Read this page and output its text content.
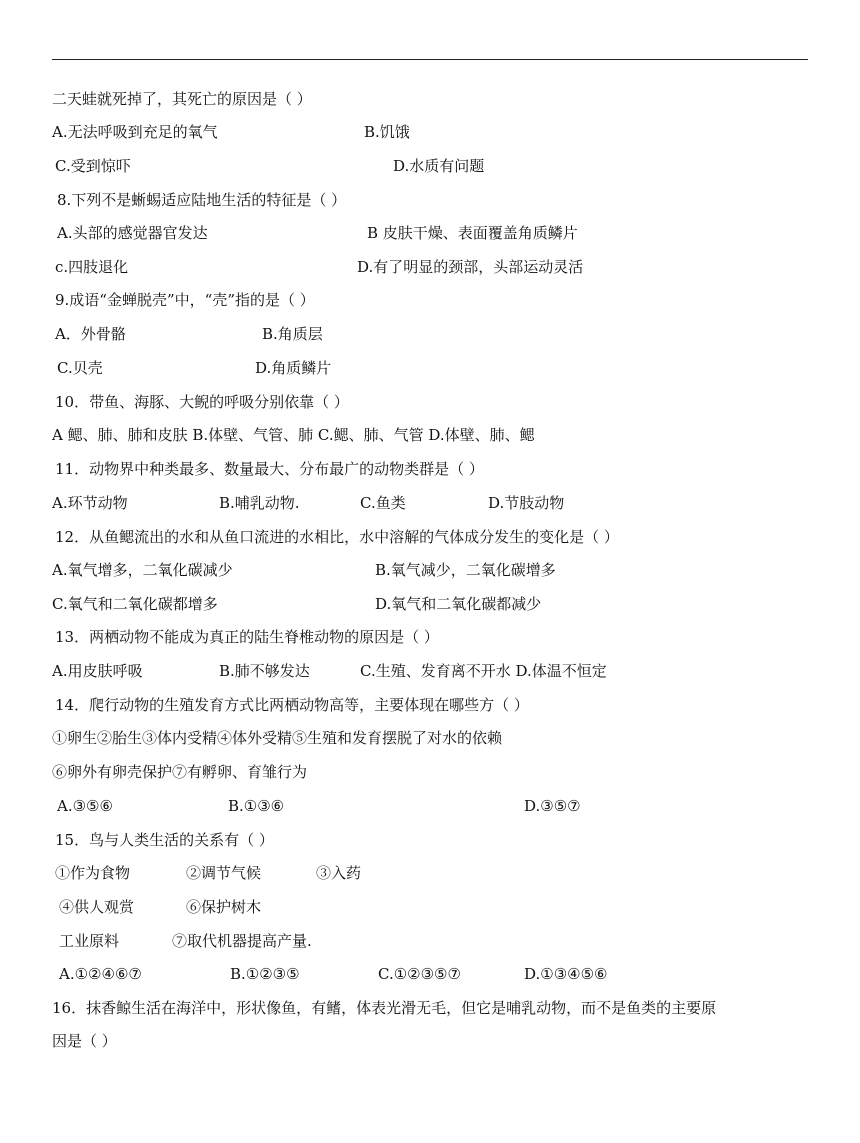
二天蛙就死掉了，其死亡的原因是（ ）
A.无法呼吸到充足的氧气	B.饥饿
C.受到惊吓	D.水质有问题
8.下列不是蜥蜴适应陆地生活的特征是（ ）
A.头部的感觉器官发达	B 皮肤干燥、表面覆盖角质鳞片
c.四肢退化	D.有了明显的颈部，头部运动灵活
9.成语“金蝉脱壳”中，“壳”指的是（ ）
A．外骨骼	B.角质层
C.贝壳	D.角质鳞片
10．带鱼、海豚、大鲵的呼吸分别依靠（ ）
A 鳃、肺、肺和皮肤 B.体壁、气管、肺 C.鳃、肺、气管 D.体壁、肺、鳃
11．动物界中种类最多、数量最大、分布最广的动物类群是（ ）
A.环节动物	B.哺乳动物.	C.鱼类	D.节肢动物
12．从鱼鳃流出的水和从鱼口流进的水相比，水中溶解的气体成分发生的变化是（ ）
A.氧气增多，二氧化碳减少	B.氧气减少，二氧化碳增多
C.氧气和二氧化碳都增多	D.氧气和二氧化碳都减少
13．两栖动物不能成为真正的陆生脊椎动物的原因是（ ）
A.用皮肤呼吸	B.肺不够发达	C.生殖、发育离不开水 D.体温不恒定
14．爬行动物的生殖发育方式比两栖动物高等，主要体现在哪些方（ ）
①卵生②胎生③体内受精④体外受精⑤生殖和发育摆脱了对水的依赖
⑥卵外有卵壳保护⑦有孵卵、育雏行为
A.③⑤⑥	B.①③⑥	D.③⑤⑦
15．鸟与人类生活的关系有（ ）
①作为食物	②调节气候	③入药
④供人观赏	⑥保护树木
工业原料	⑦取代机器提高产量.
A.①②④⑥⑦	B.①②③⑤	C.①②③⑤⑦	D.①③④⑤⑥
16．抹香鲸生活在海洋中，形状像鱼，有鳍，体表光滑无毛，但它是哺乳动物，而不是鱼类的主要原
因是（ ）
